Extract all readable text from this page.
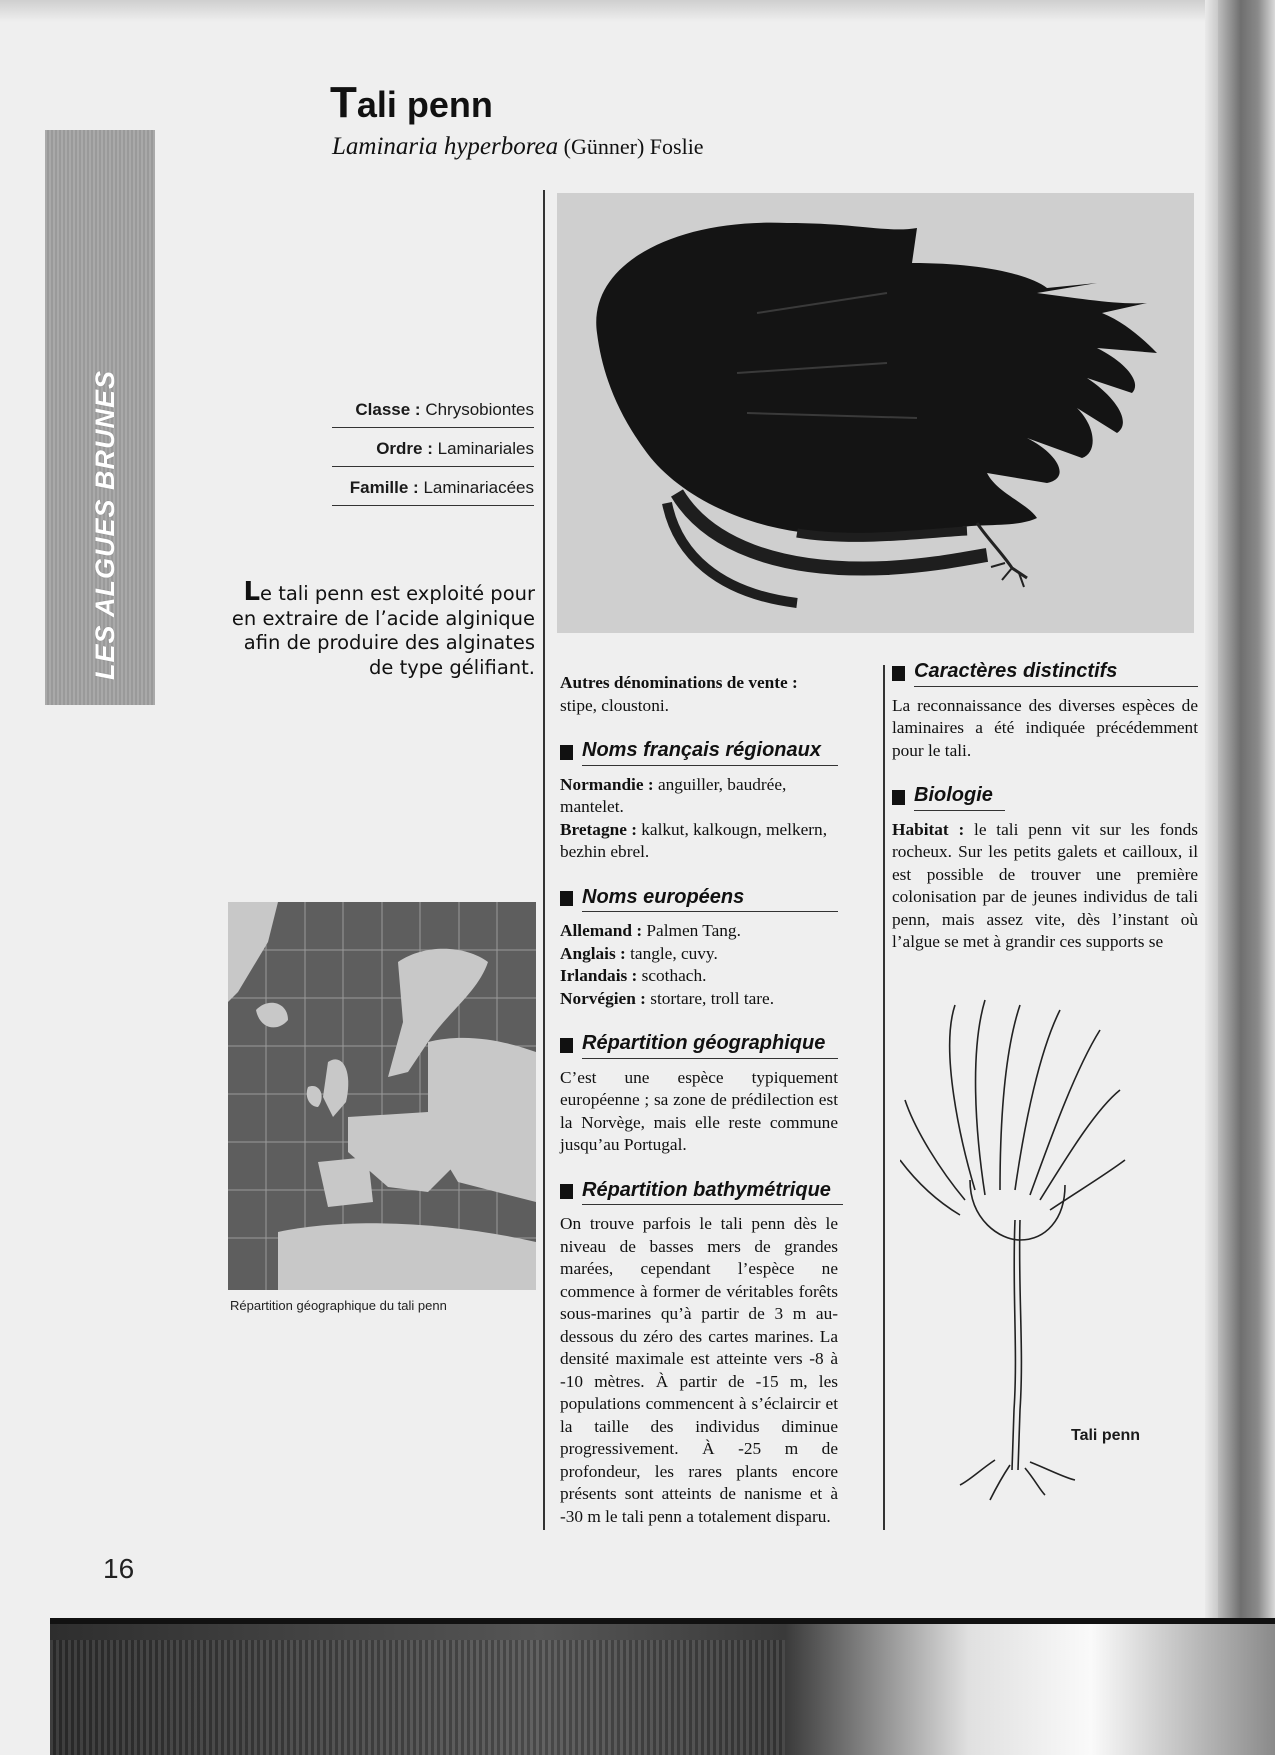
LES ALGUES BRUNES
Tali penn
Laminaria hyperborea (Günner) Foslie
Classe : Chrysobiontes
Ordre : Laminariales
Famille : Laminariacées
Le tali penn est exploité pour en extraire de l’acide alginique afin de produire des alginates de type gélifiant.

Autres dénominations de vente :
stipe, cloustoni.

Noms français régionaux

Normandie : anguiller, baudrée, mantelet.
Bretagne : kalkut, kalkougn, melkern, bezhin ebrel.

Noms européens

Allemand : Palmen Tang.
Anglais : tangle, cuvy.
Irlandais : scothach.
Norvégien : stortare, troll tare.

Répartition géographique

C’est une espèce typiquement européenne ; sa zone de prédilection est la Norvège, mais elle reste commune jusqu’au Portugal.

Répartition bathymétrique

On trouve parfois le tali penn dès le niveau de basses mers de grandes marées, cependant l’espèce ne commence à former de véritables forêts sous-marines qu’à partir de 3 m au-dessous du zéro des cartes marines. La densité maximale est atteinte vers -8 à -10 mètres. À partir de -15 m, les populations commencent à s’éclaircir et la taille des individus diminue progressivement. À -25 m de profondeur, les rares plants encore présents sont atteints de nanisme et à -30 m le tali penn a totalement disparu.

Caractères distinctifs

La reconnaissance des diverses espèces de laminaires a été indiquée précédemment pour le tali.

Biologie

Habitat : le tali penn vit sur les fonds rocheux. Sur les petits galets et cailloux, il est possible de trouver une première colonisation par de jeunes individus de tali penn, mais assez vite, dès l’instant où l’algue se met à grandir ces supports se

Répartition géographique du tali penn
Tali penn
16
